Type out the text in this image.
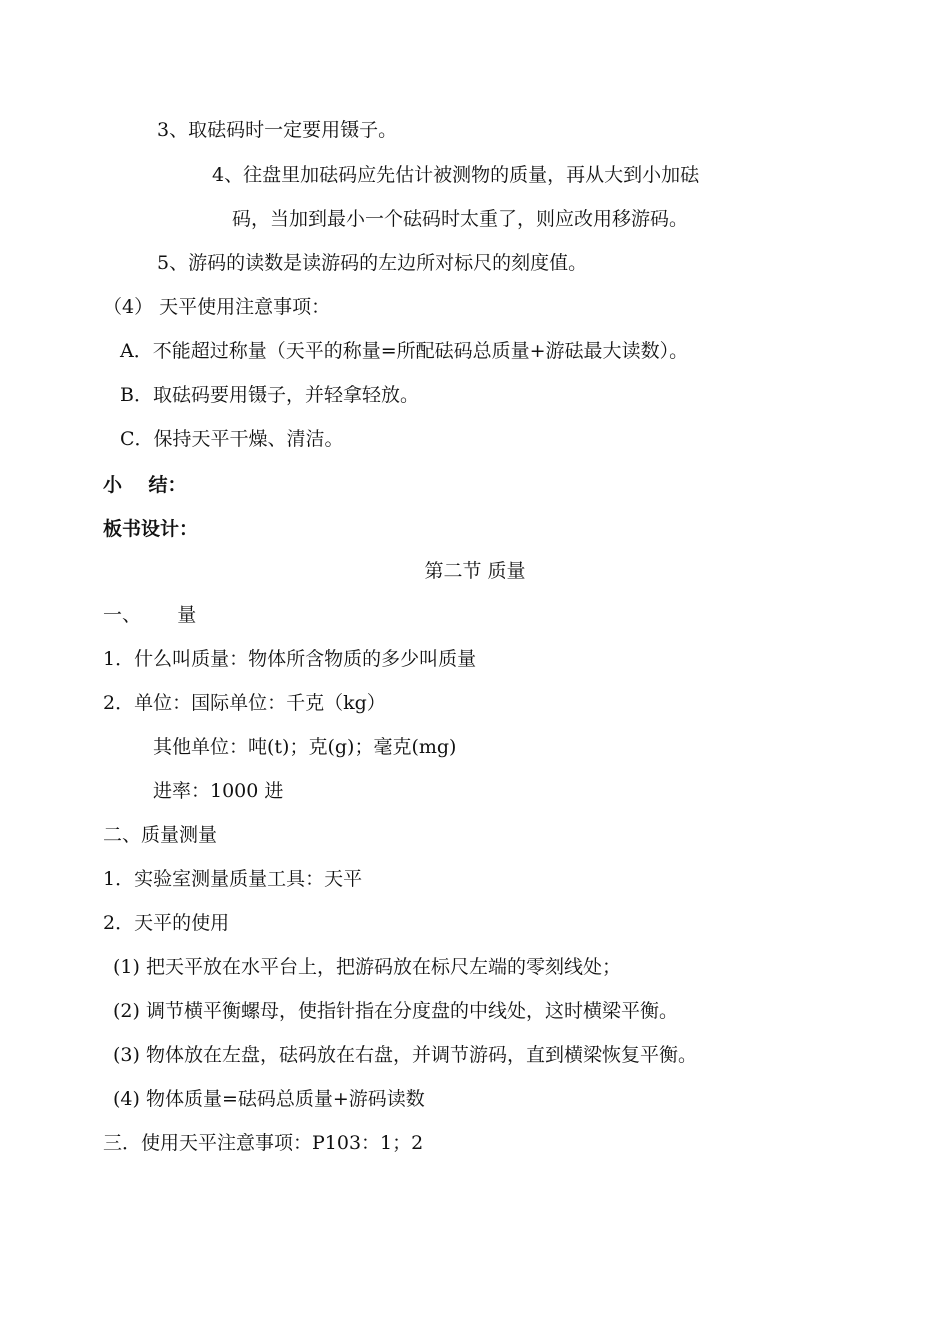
3、取砝码时一定要用镊子。
4、往盘里加砝码应先估计被测物的质量，再从大到小加砝
码，当加到最小一个砝码时太重了，则应改用移游码。
5、游码的读数是读游码的左边所对标尺的刻度值。
（4） 天平使用注意事项：
A．不能超过称量（天平的称量=所配砝码总质量+游砝最大读数）。
B．取砝码要用镊子，并轻拿轻放。
C．保持天平干燥、清洁。
小    结：
板书设计：
第二节 质量
一、      量
1．什么叫质量：物体所含物质的多少叫质量
2．单位：国际单位：千克（kg）
其他单位：吨(t)；克(g)；毫克(mg)
进率：1000 进
二、质量测量
1．实验室测量质量工具：天平
2．天平的使用
(1) 把天平放在水平台上，把游码放在标尺左端的零刻线处；
(2) 调节横平衡螺母，使指针指在分度盘的中线处，这时横梁平衡。
(3) 物体放在左盘，砝码放在右盘，并调节游码，直到横梁恢复平衡。
(4) 物体质量=砝码总质量+游码读数
三．使用天平注意事项：P103：1；2
